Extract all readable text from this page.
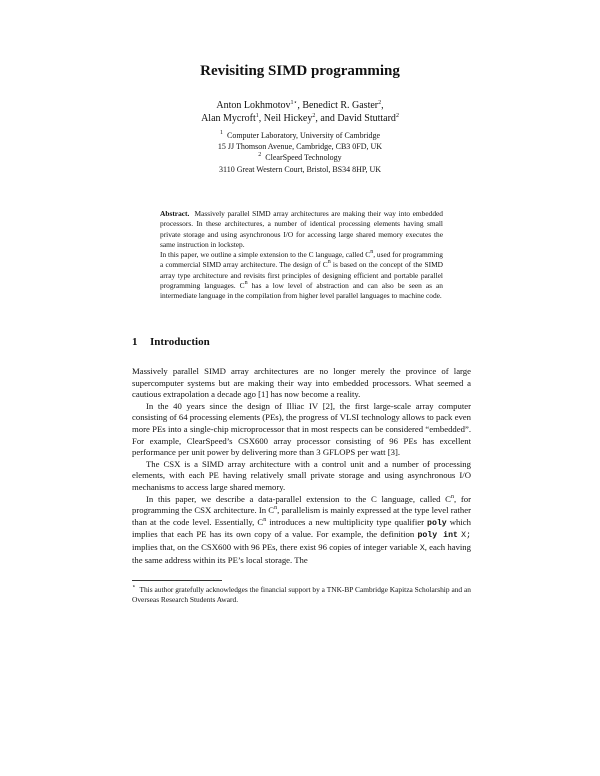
Revisiting SIMD programming
Anton Lokhmotov$^{1⋆}$, Benedict R. Gaster$^2$,
Alan Mycroft$^1$, Neil Hickey$^2$, and David Stuttard$^2$
$^1$ Computer Laboratory, University of Cambridge
15 JJ Thomson Avenue, Cambridge, CB3 0FD, UK
$^2$ ClearSpeed Technology
3110 Great Western Court, Bristol, BS34 8HP, UK

Abstract. Massively parallel SIMD array architectures are making their way into embedded processors. In these architectures, a number of identical processing elements having small private storage and using asynchronous I/O for accessing large shared memory executes the same instruction in lockstep.

In this paper, we outline a simple extension to the C language, called $C^n$, used for programming a commercial SIMD array architecture. The design of $C^n$ is based on the concept of the SIMD array type architecture and revisits first principles of designing efficient and portable parallel programming languages. $C^n$ has a low level of abstraction and can also be seen as an intermediate language in the compilation from higher level parallel languages to machine code.

1 Introduction

Massively parallel SIMD array architectures are no longer merely the province of large supercomputer systems but are making their way into embedded processors. What seemed a cautious extrapolation a decade ago [1] has now become a reality.

In the 40 years since the design of Illiac IV [2], the first large-scale array computer consisting of 64 processing elements (PEs), the progress of VLSI technology allows to pack even more PEs into a single-chip microprocessor that in most respects can be considered “embedded”. For example, ClearSpeed’s CSX600 array processor consisting of 96 PEs has excellent performance per unit power by delivering more than 3 GFLOPS per watt [3].

The CSX is a SIMD array architecture with a control unit and a number of processing elements, with each PE having relatively small private storage and using asynchronous I/O mechanisms to access large shared memory.

In this paper, we describe a data-parallel extension to the C language, called $C^n$, for programming the CSX architecture. In $C^n$, parallelism is mainly expressed at the type level rather than at the code level. Essentially, $C^n$ introduces a new multiplicity type qualifier poly which implies that each PE has its own copy of a value. For example, the definition poly int X; implies that, on the CSX600 with 96 PEs, there exist 96 copies of integer variable X, each having the same address within its PE’s local storage. The

⋆ This author gratefully acknowledges the financial support by a TNK-BP Cambridge Kapitza Scholarship and an Overseas Research Students Award.
